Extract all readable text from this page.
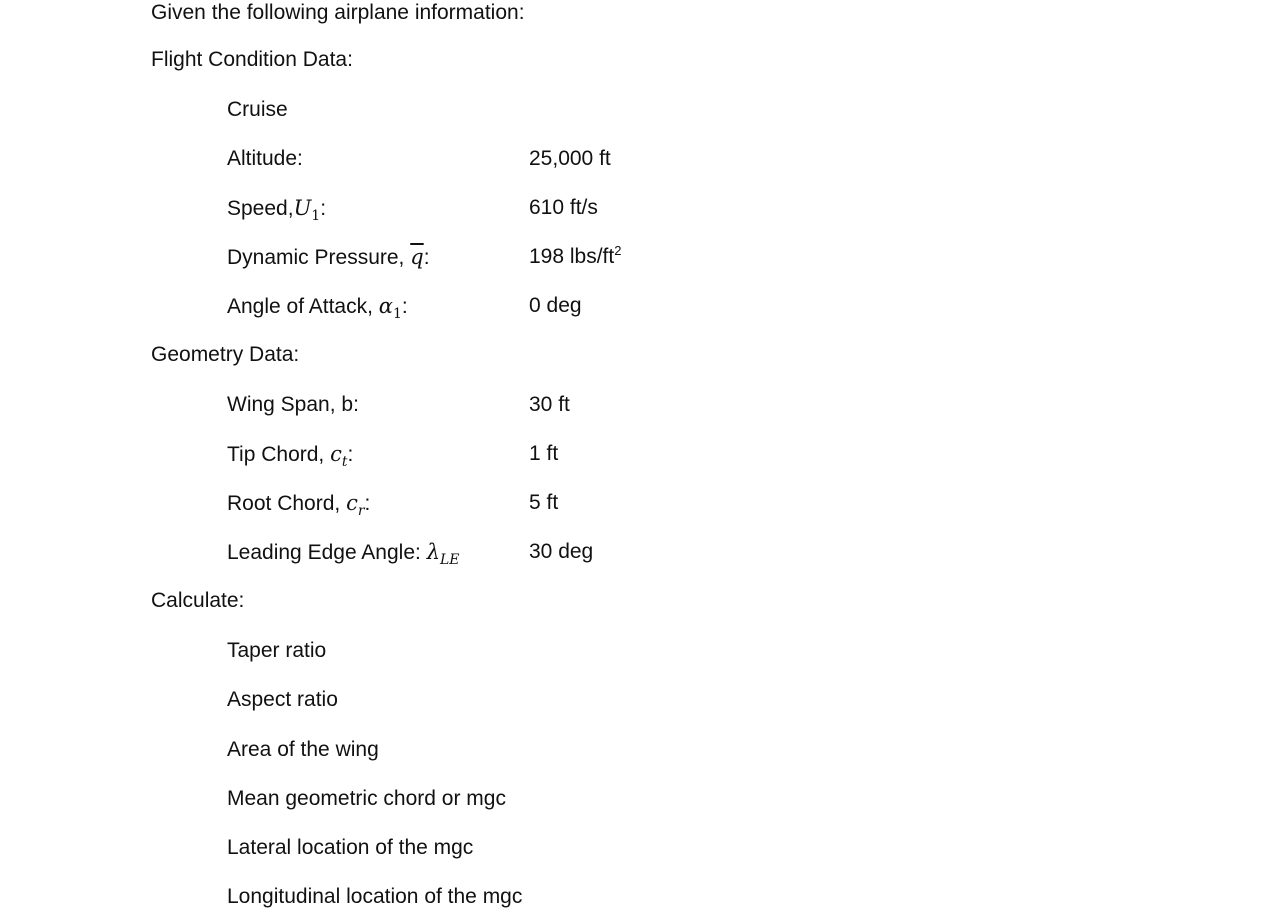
Given the following airplane information:
Flight Condition Data:
Cruise
Altitude:	25,000 ft
$Speed,U_1$:	610 ft/s
Dynamic Pressure, $\overline{q}$:	198 lbs/$ft^2$
Angle of Attack, $\alpha_1$:	0 deg
Geometry Data:
Wing Span, b:	30 ft
Tip Chord, $c_t$:	1 ft
Root Chord, $c_r$:	5 ft
Leading Edge Angle: $\lambda_{LE}$	30 deg
Calculate:
Taper ratio
Aspect ratio
Area of the wing
Mean geometric chord or mgc
Lateral location of the mgc
Longitudinal location of the mgc
